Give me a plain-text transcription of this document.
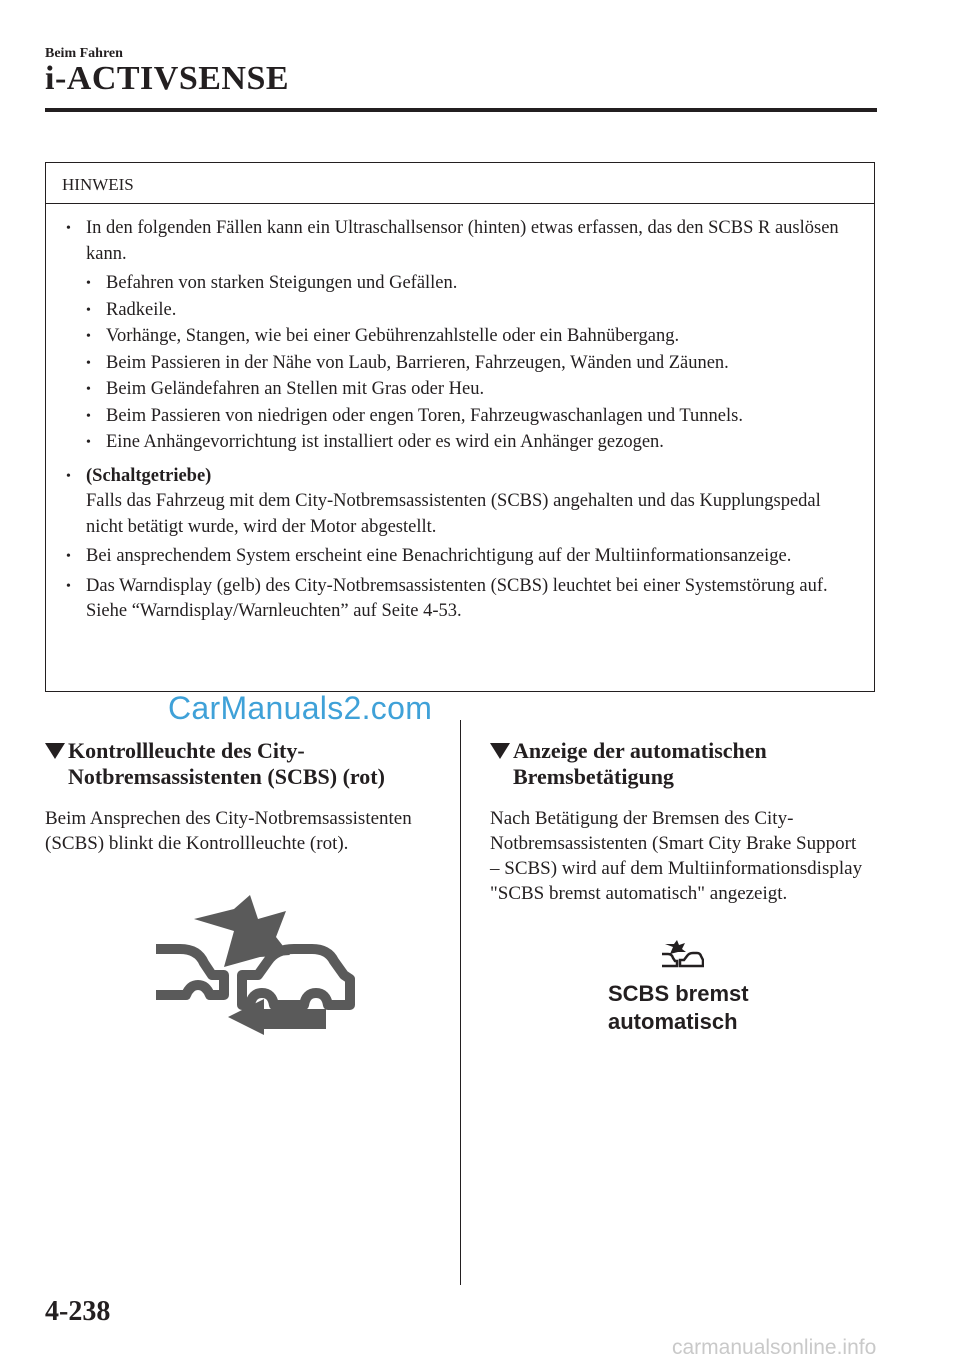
Beim Fahren
i-ACTIVSENSE
HINWEIS
• In den folgenden Fällen kann ein Ultraschallsensor (hinten) etwas erfassen, das den SCBS R auslösen kann.
• Befahren von starken Steigungen und Gefällen.
• Radkeile.
• Vorhänge, Stangen, wie bei einer Gebührenzahlstelle oder ein Bahnübergang.
• Beim Passieren in der Nähe von Laub, Barrieren, Fahrzeugen, Wänden und Zäunen.
• Beim Geländefahren an Stellen mit Gras oder Heu.
• Beim Passieren von niedrigen oder engen Toren, Fahrzeugwaschanlagen und Tunnels.
• Eine Anhängevorrichtung ist installiert oder es wird ein Anhänger gezogen.
• (Schaltgetriebe)
Falls das Fahrzeug mit dem City-Notbremsassistenten (SCBS) angehalten und das Kupplungspedal nicht betätigt wurde, wird der Motor abgestellt.
• Bei ansprechendem System erscheint eine Benachrichtigung auf der Multiinformationsanzeige.
• Das Warndisplay (gelb) des City-Notbremsassistenten (SCBS) leuchtet bei einer Systemstörung auf.
Siehe “Warndisplay/Warnleuchten” auf Seite 4-53.
CarManuals2.com
Kontrollleuchte des City-Notbremsassistenten (SCBS) (rot)

Beim Ansprechen des City-Notbremsassistenten (SCBS) blinkt die Kontrollleuchte (rot).

Anzeige der automatischen Bremsbetätigung

Nach Betätigung der Bremsen des City-Notbremsassistenten (Smart City Brake Support – SCBS) wird auf dem Multiinformationsdisplay "SCBS bremst automatisch" angezeigt.

SCBS bremst
automatisch
4-238
carmanualsonline.info
